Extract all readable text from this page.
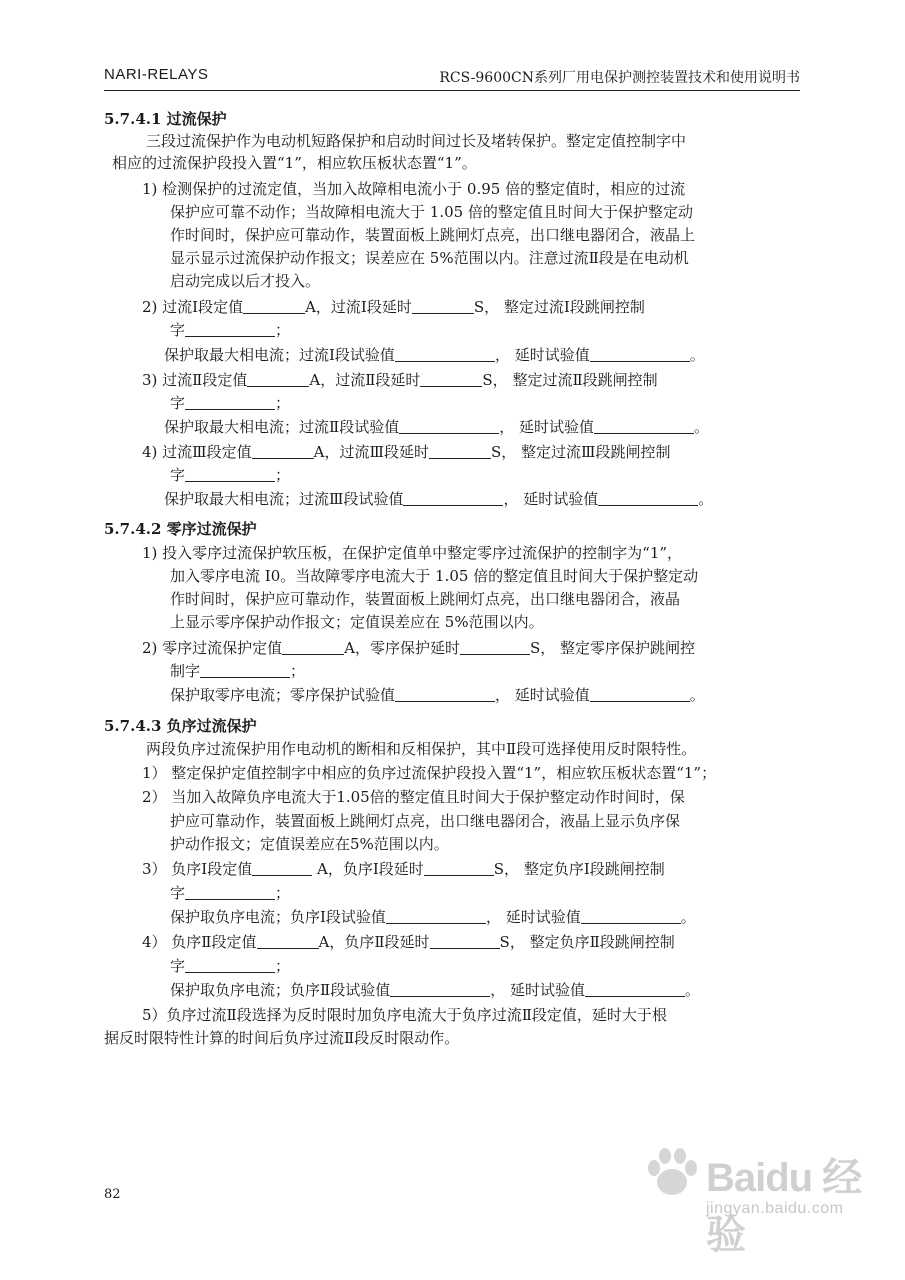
NARI-RELAYS	RCS-9600CN系列厂用电保护测控装置技术和使用说明书
5.7.4.1 过流保护
三段过流保护作为电动机短路保护和启动时间过长及堵转保护。整定定值控制字中
相应的过流保护段投入置“1”，相应软压板状态置“1”。
1) 检测保护的过流定值，当加入故障相电流小于 0.95 倍的整定值时，相应的过流
保护应可靠不动作；当故障相电流大于 1.05 倍的整定值且时间大于保护整定动
作时间时，保护应可靠动作，装置面板上跳闸灯点亮，出口继电器闭合，液晶上
显示显示过流保护动作报文；误差应在 5%范围以内。注意过流Ⅱ段是在电动机
启动完成以后才投入。
2) 过流Ⅰ段定值	A，过流Ⅰ段延时	S， 整定过流Ⅰ段跳闸控制
字	；
保护取最大相电流；过流Ⅰ段试验值	， 延时试验值	。
3) 过流Ⅱ段定值	A，过流Ⅱ段延时	S， 整定过流Ⅱ段跳闸控制
字	；
保护取最大相电流；过流Ⅱ段试验值	， 延时试验值	。
4) 过流Ⅲ段定值	A，过流Ⅲ段延时	S， 整定过流Ⅲ段跳闸控制
字	；
保护取最大相电流；过流Ⅲ段试验值	， 延时试验值	。
5.7.4.2 零序过流保护
1) 投入零序过流保护软压板，在保护定值单中整定零序过流保护的控制字为“1”，
加入零序电流 I0。当故障零序电流大于 1.05 倍的整定值且时间大于保护整定动
作时间时，保护应可靠动作，装置面板上跳闸灯点亮，出口继电器闭合，液晶
上显示零序保护动作报文；定值误差应在 5%范围以内。
2) 零序过流保护定值	A，零序保护延时	S， 整定零序保护跳闸控
制字	；
保护取零序电流；零序保护试验值	， 延时试验值	。
5.7.4.3 负序过流保护
两段负序过流保护用作电动机的断相和反相保护，其中Ⅱ段可选择使用反时限特性。
1） 整定保护定值控制字中相应的负序过流保护段投入置“1”，相应软压板状态置“1”；
2） 当加入故障负序电流大于1.05倍的整定值且时间大于保护整定动作时间时，保
护应可靠动作，装置面板上跳闸灯点亮，出口继电器闭合，液晶上显示负序保
护动作报文；定值误差应在5%范围以内。
3） 负序Ⅰ段定值	A，负序Ⅰ段延时	S， 整定负序Ⅰ段跳闸控制
字	；
保护取负序电流；负序Ⅰ段试验值	， 延时试验值	。
4） 负序Ⅱ段定值	A，负序Ⅱ段延时	S， 整定负序Ⅱ段跳闸控制
字	；
保护取负序电流；负序Ⅱ段试验值	， 延时试验值	。
5）负序过流Ⅱ段选择为反时限时加负序电流大于负序过流Ⅱ段定值，延时大于根
据反时限特性计算的时间后负序过流Ⅱ段反时限动作。
82	Baidu 经验
jingyan.baidu.com
